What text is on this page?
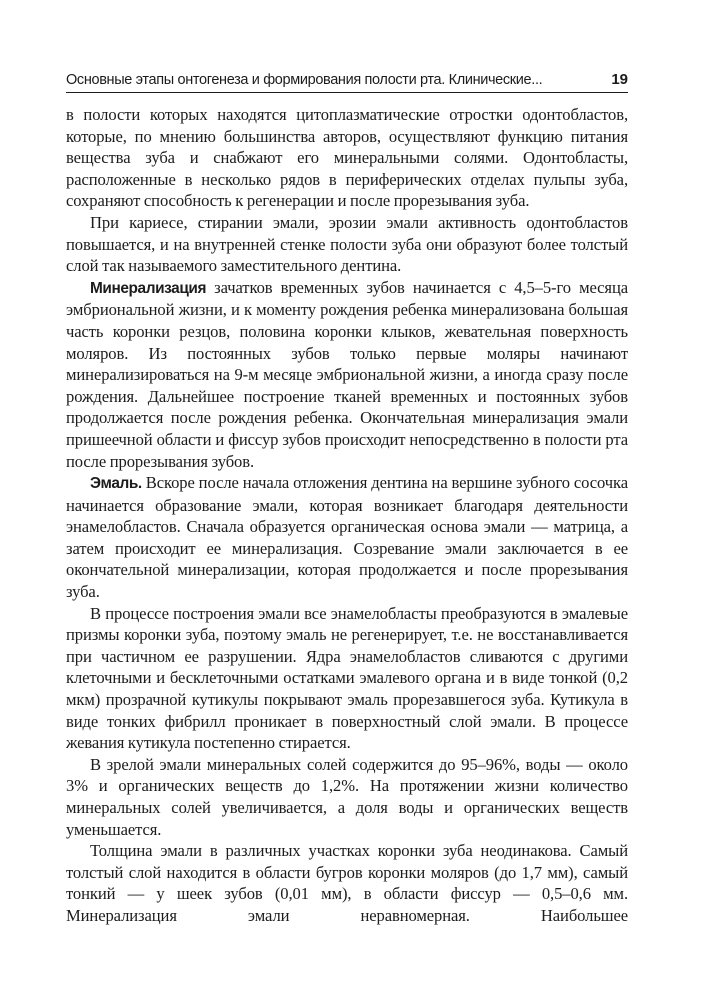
Основные этапы онтогенеза и формирования полости рта. Клинические...	19

в полости которых находятся цитоплазматические отростки одонтобластов, которые, по мнению большинства авторов, осуществляют функцию питания вещества зуба и снабжают его минеральными солями. Одонтобласты, расположенные в несколько рядов в периферических отделах пульпы зуба, сохраняют способность к регенерации и после прорезывания зуба.

При кариесе, стирании эмали, эрозии эмали активность одонтобластов повышается, и на внутренней стенке полости зуба они образуют более толстый слой так называемого заместительного дентина.

Минерализация зачатков временных зубов начинается с 4,5–5-го месяца эмбриональной жизни, и к моменту рождения ребенка минерализована большая часть коронки резцов, половина коронки клыков, жевательная поверхность моляров. Из постоянных зубов только первые моляры начинают минерализироваться на 9-м месяце эмбриональной жизни, а иногда сразу после рождения. Дальнейшее построение тканей временных и постоянных зубов продолжается после рождения ребенка. Окончательная минерализация эмали пришеечной области и фиссур зубов происходит непосредственно в полости рта после прорезывания зубов.

Эмаль. Вскоре после начала отложения дентина на вершине зубного сосочка начинается образование эмали, которая возникает благодаря деятельности энамелобластов. Сначала образуется органическая основа эмали — матрица, а затем происходит ее минерализация. Созревание эмали заключается в ее окончательной минерализации, которая продолжается и после прорезывания зуба.

В процессе построения эмали все энамелобласты преобразуются в эмалевые призмы коронки зуба, поэтому эмаль не регенерирует, т.е. не восстанавливается при частичном ее разрушении. Ядра энамелобластов сливаются с другими клеточными и бесклеточными остатками эмалевого органа и в виде тонкой (0,2 мкм) прозрачной кутикулы покрывают эмаль прорезавшегося зуба. Кутикула в виде тонких фибрилл проникает в поверхностный слой эмали. В процессе жевания кутикула постепенно стирается.

В зрелой эмали минеральных солей содержится до 95–96%, воды — около 3% и органических веществ до 1,2%. На протяжении жизни количество минеральных солей увеличивается, а доля воды и органических веществ уменьшается.

Толщина эмали в различных участках коронки зуба неодинакова. Самый толстый слой находится в области бугров коронки моляров (до 1,7 мм), самый тонкий — у шеек зубов (0,01 мм), в области фиссур — 0,5–0,6 мм. Минерализация эмали неравномерная. Наибольшее
